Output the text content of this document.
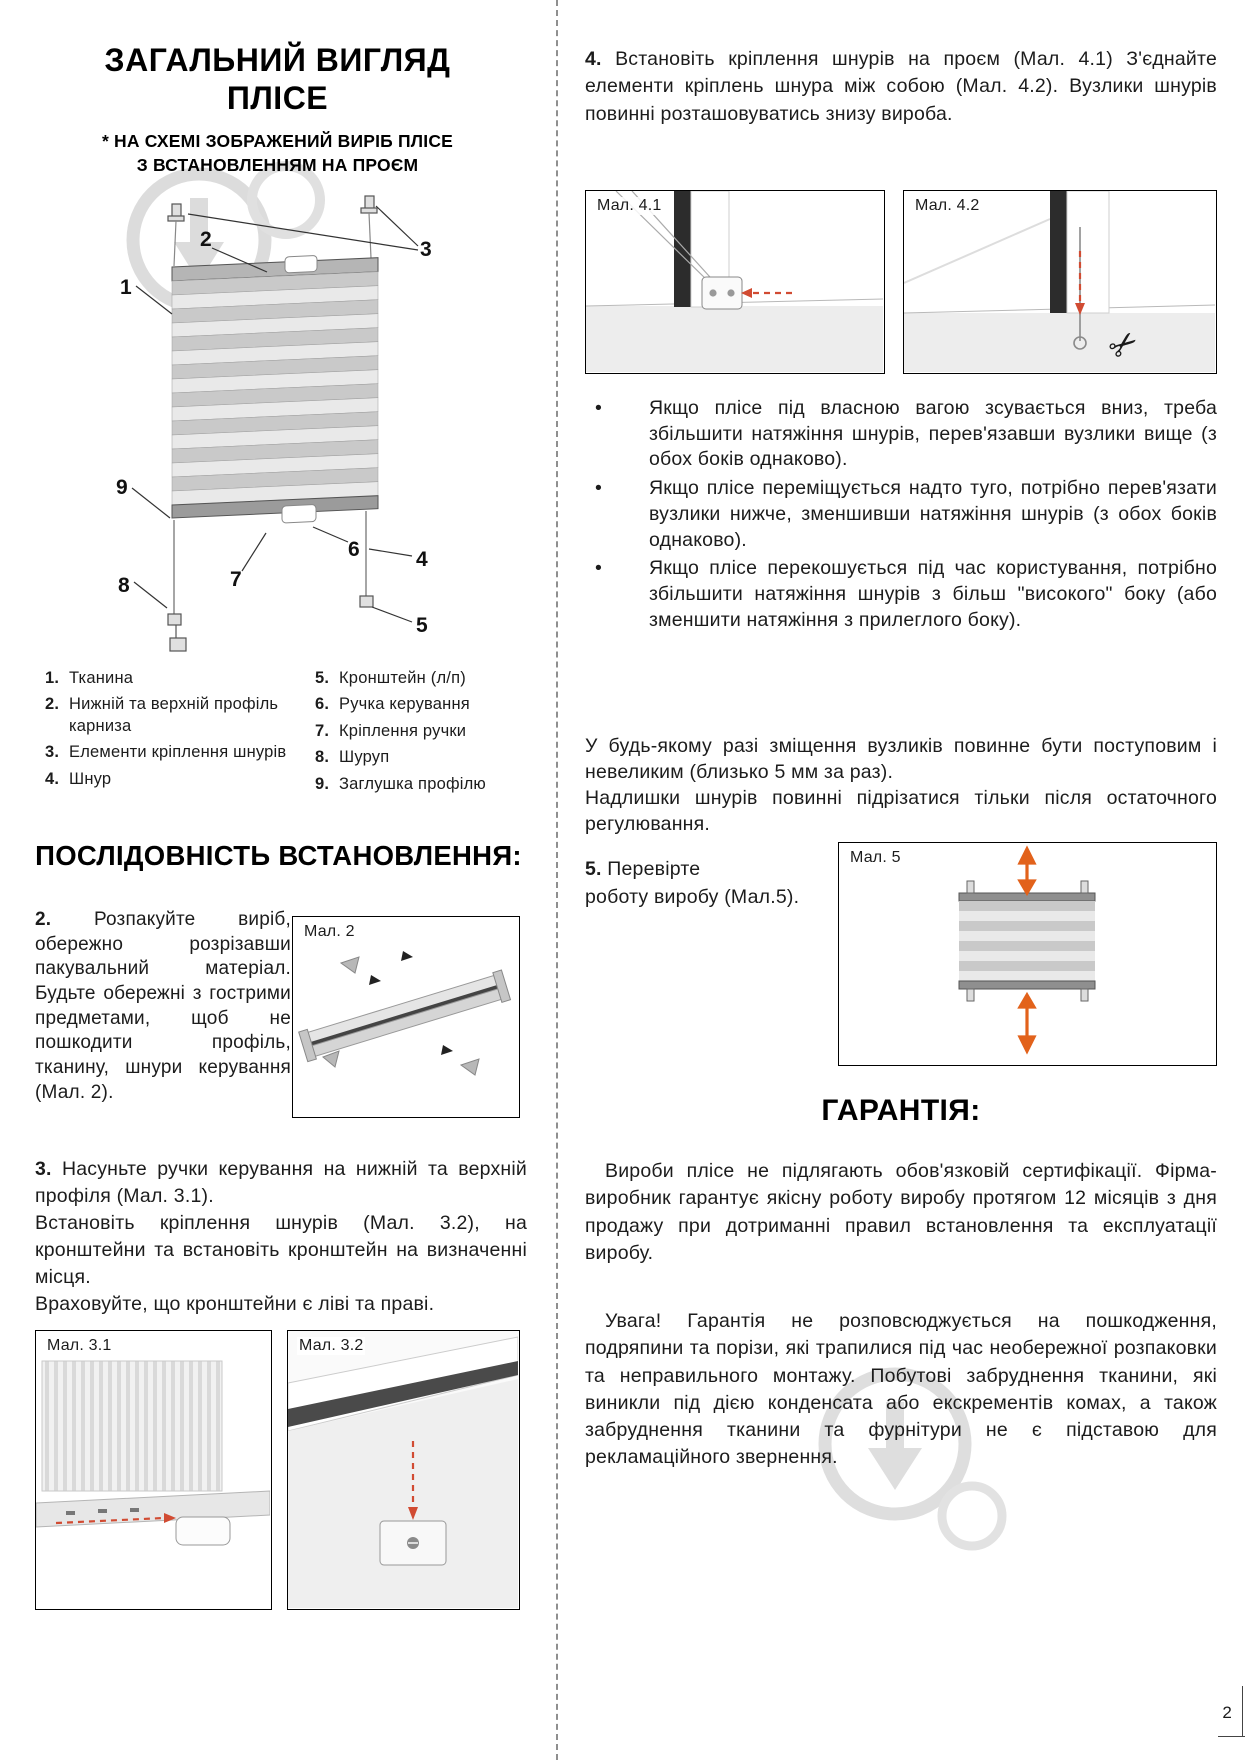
ЗАГАЛЬНИЙ ВИГЛЯД
ПЛІСЕ
* НА СХЕМІ ЗОБРАЖЕНИЙ ВИРІБ ПЛІСЕ
З ВСТАНОВЛЕННЯМ НА ПРОЄМ
1
2	3
4
5
6
7
8
9
1. Тканина
2. Нижній та верхній профіль карниза
3. Елементи кріплення шнурів
4. Шнур
5. Кронштейн (л/п)
6. Ручка керування
7. Кріплення ручки
8. Шуруп
9. Заглушка профілю
ПОСЛІДОВНІСТЬ ВСТАНОВЛЕННЯ:

2. Розпакуйте виріб, обережно розрізавши пакувальний матеріал. Будьте обережні з гострими предметами, щоб не пошкодити профіль, тканину, шнури керування (Мал. 2).

Мал. 2

3. Насуньте ручки керування на нижній та верхній профіля (Мал. 3.1).

Встановіть кріплення шнурів (Мал. 3.2), на кронштейни та встановіть кронштейн на визначенні місця.

Враховуйте, що кронштейни є ліві та праві.

Мал. 3.1	Мал. 3.2

4. Встановіть кріплення шнурів на проєм (Мал. 4.1) З'єднайте елементи кріплень шнура між собою (Мал. 4.2). Вузлики шнурів повинні розташовуватись знизу вироба.

Мал. 4.1	Мал. 4.2
✂
• Якщо плісе під власною вагою зсувається вниз, треба збільшити натяжіння шнурів, перев'язавши вузлики вище (з обох боків однаково).
• Якщо плісе переміщується надто туго, потрібно перев'язати вузлики нижче, зменшивши натяжіння шнурів (з обох боків однаково).
• Якщо плісе перекошується під час користування, потрібно збільшити натяжіння шнурів з більш "високого" боку (або зменшити натяжіння з прилеглого боку).

У будь-якому разі зміщення вузликів повинне бути поступовим і невеликим (близько 5 мм за раз).

Надлишки шнурів повинні підрізатися тільки після остаточного регулювання.

5. Перевірте
роботу виробу (Мал.5).

Мал. 5
ГАРАНТІЯ:

Вироби плісе не підлягають обов'язковій сертифікації. Фірма-виробник гарантує якісну роботу виробу протягом 12 місяців з дня продажу при дотриманні правил встановлення та експлуатації виробу.

Увага! Гарантія не розповсюджується на пошкодження, подряпини та порізи, які трапилися під час необережної розпаковки та неправильного монтажу. Побутові забруднення тканини, які виникли під дією конденсата або екскрементів комах, а також забруднення тканини та фурнітури не є підставою для рекламаційного звернення.

2
